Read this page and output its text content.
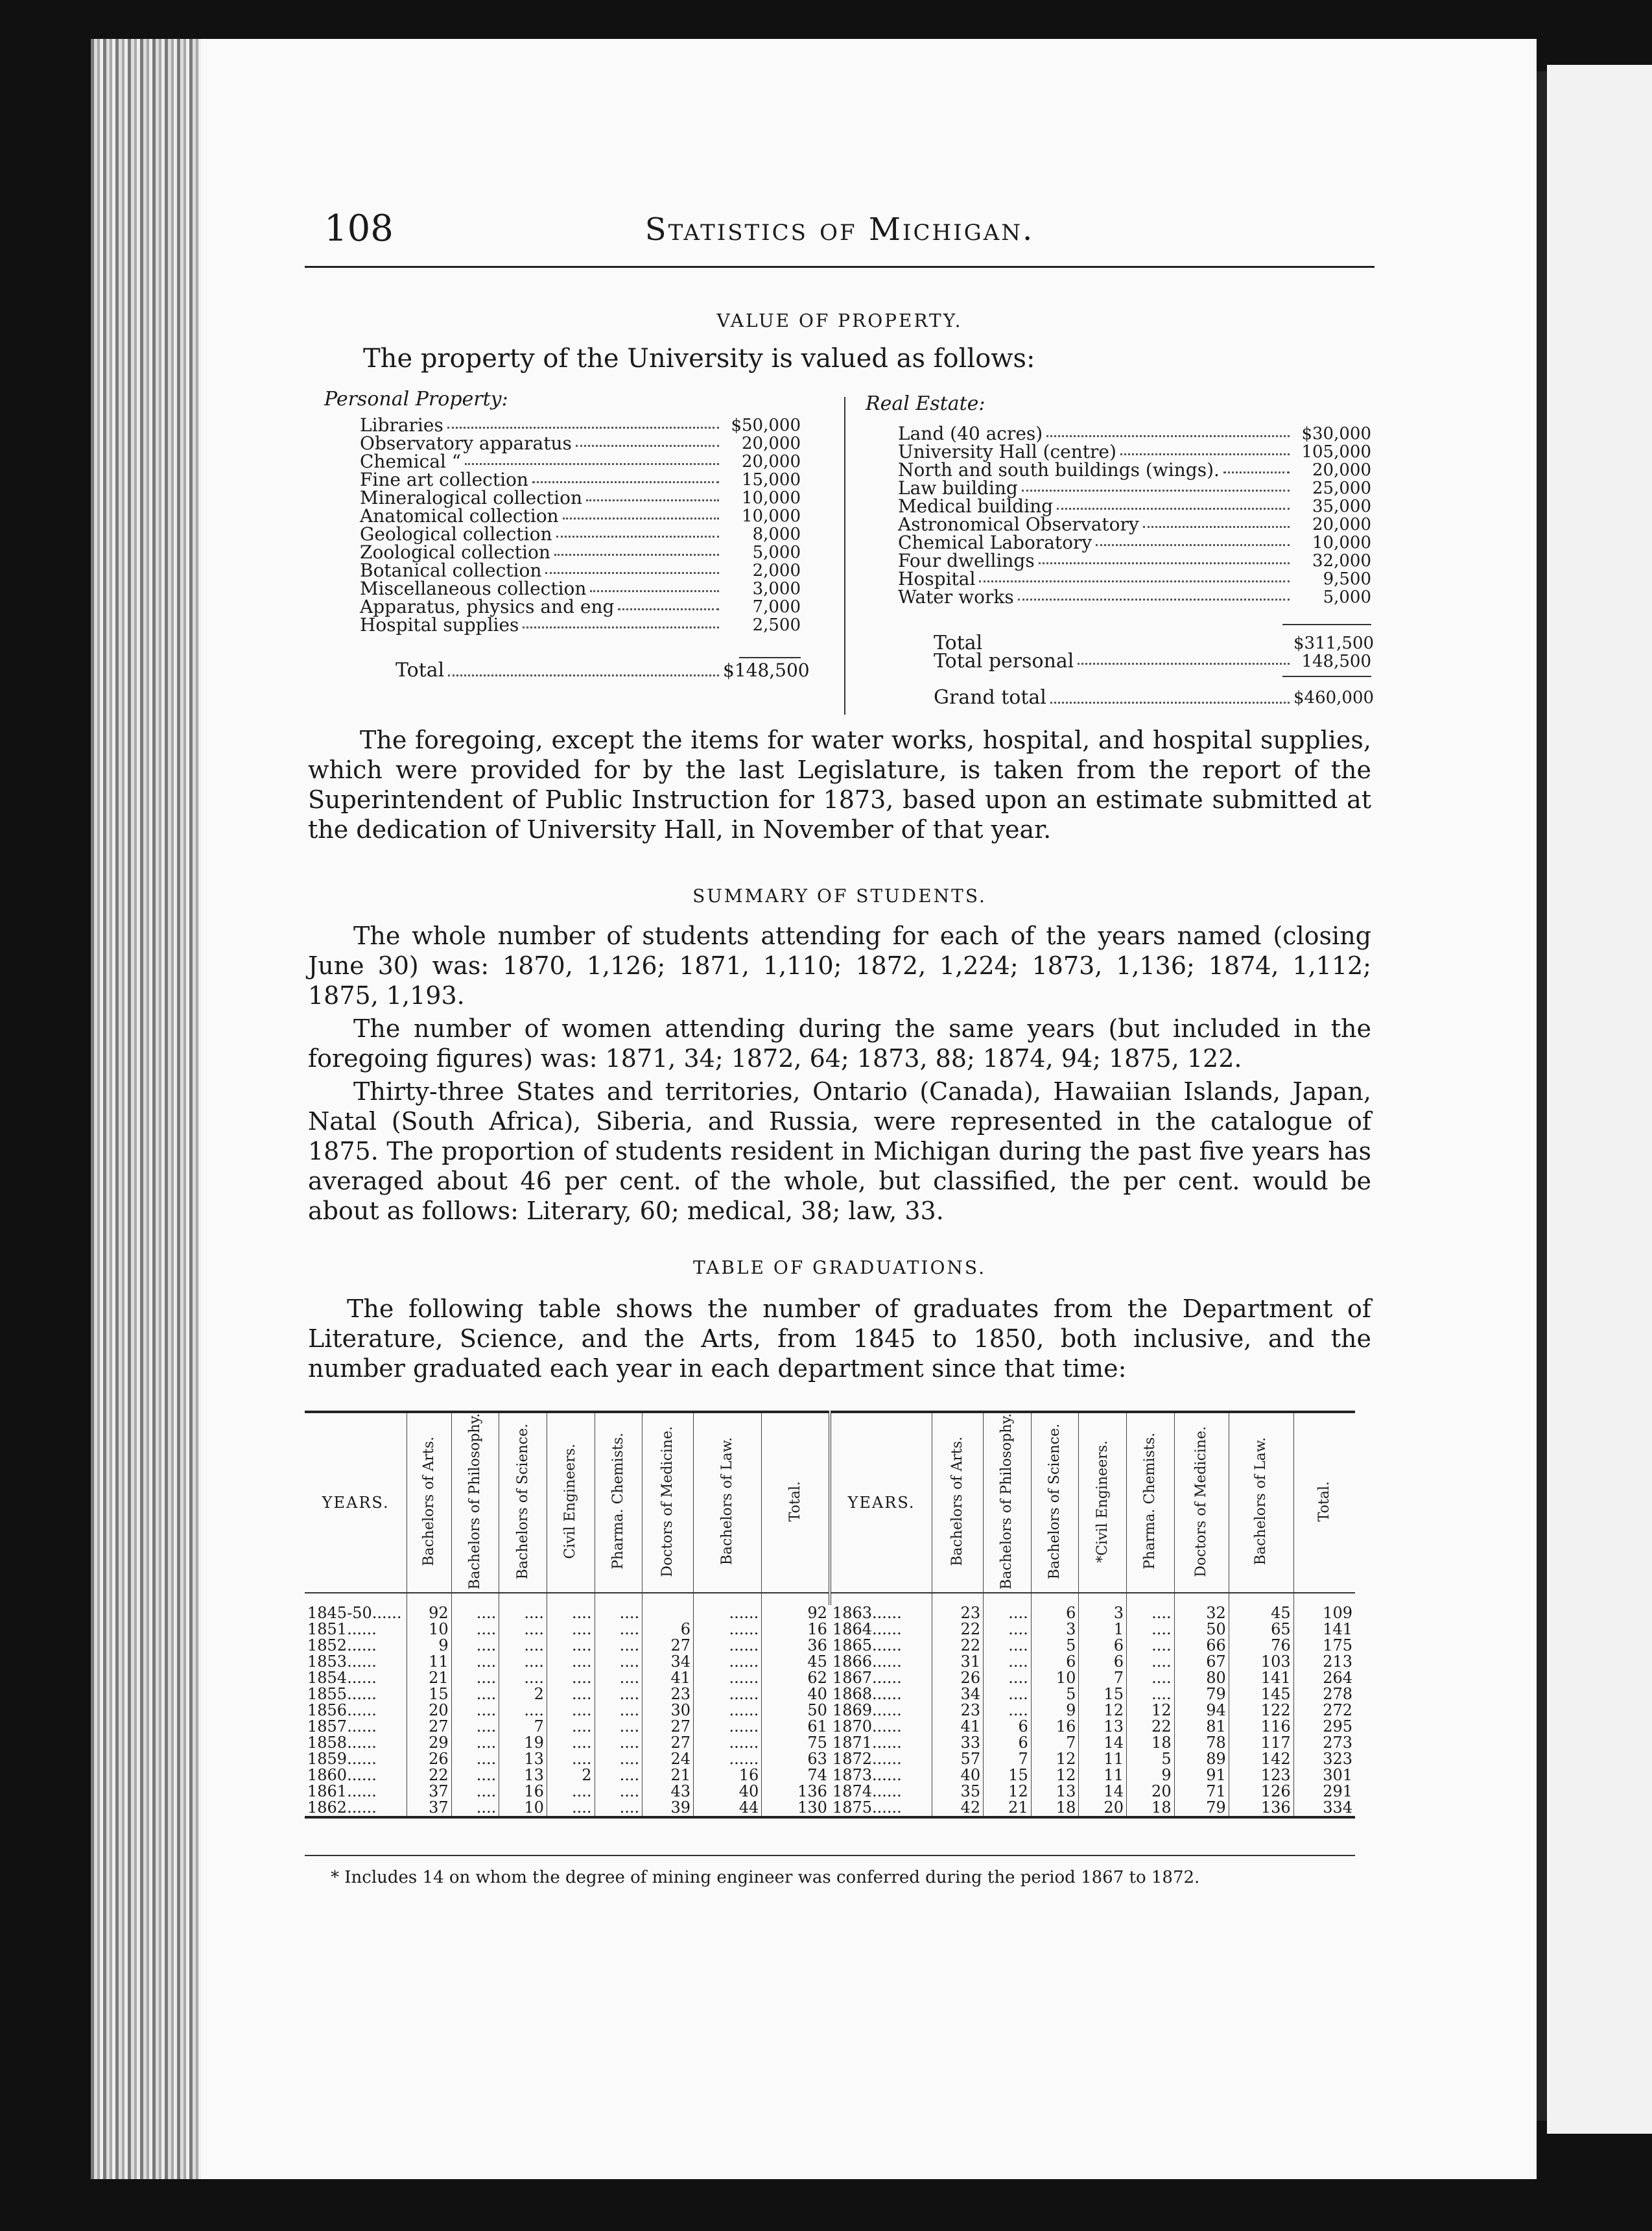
108	Statistics of Michigan.
VALUE OF PROPERTY.
The property of the University is valued as follows:
Personal Property:
Libraries	$50,000
Observatory apparatus	20,000
Chemical “	20,000
Fine art collection	15,000
Mineralogical collection	10,000
Anatomical collection	10,000
Geological collection	8,000
Zoological collection	5,000
Botanical collection	2,000
Miscellaneous collection	3,000
Apparatus, physics and eng	7,000
Hospital supplies	2,500
Total	$148,500
Real Estate:
Land (40 acres)	$30,000
University Hall (centre)	105,000
North and south buildings (wings).	20,000
Law building	25,000
Medical building	35,000
Astronomical Observatory	20,000
Chemical Laboratory	10,000
Four dwellings	32,000
Hospital	9,500
Water works	5,000
Total	$311,500
Total personal	148,500
Grand total	$460,000

The foregoing, except the items for water works, hospital, and hospital supplies, which were provided for by the last Legislature, is taken from the report of the Superintendent of Public Instruction for 1873, based upon an estimate submitted at the dedication of University Hall, in November of that year.

SUMMARY OF STUDENTS.

The whole number of students attending for each of the years named (closing June 30) was: 1870, 1,126; 1871, 1,110; 1872, 1,224; 1873, 1,136; 1874, 1,112; 1875, 1,193.

The number of women attending during the same years (but included in the foregoing figures) was: 1871, 34; 1872, 64; 1873, 88; 1874, 94; 1875, 122.

Thirty-three States and territories, Ontario (Canada), Hawaiian Islands, Japan, Natal (South Africa), Siberia, and Russia, were represented in the catalogue of 1875. The proportion of students resident in Michigan during the past five years has averaged about 46 per cent. of the whole, but classified, the per cent. would be about as follows: Literary, 60; medical, 38; law, 33.

TABLE OF GRADUATIONS.

The following table shows the number of graduates from the Department of Literature, Science, and the Arts, from 1845 to 1850, both inclusive, and the number graduated each year in each department since that time:

YEARS.	Bachelors of Arts.	Bachelors of Philosophy.	Bachelors of Science.	Civil Engineers.	Pharma. Chemists.	Doctors of Medicine.	Bachelors of Law.	Total.	YEARS.	Bachelors of Arts.	Bachelors of Philosophy.	Bachelors of Science.	*Civil Engineers.	Pharma. Chemists.	Doctors of Medicine.	Bachelors of Law.	Total.

1845-50......	92	....	....	....	....		......	92	1863......	23	....	6	3	....	32	45	109
1851......	10	....	....	....	....	6	......	16	1864......	22	....	3	1	....	50	65	141
1852......	9	....	....	....	....	27	......	36	1865......	22	....	5	6	....	66	76	175
1853......	11	....	....	....	....	34	......	45	1866......	31	....	6	6	....	67	103	213
1854......	21	....	....	....	....	41	......	62	1867......	26	....	10	7	....	80	141	264
1855......	15	....	2	....	....	23	......	40	1868......	34	....	5	15	....	79	145	278
1856......	20	....	....	....	....	30	......	50	1869......	23	....	9	12	12	94	122	272
1857......	27	....	7	....	....	27	......	61	1870......	41	6	16	13	22	81	116	295
1858......	29	....	19	....	....	27	......	75	1871......	33	6	7	14	18	78	117	273
1859......	26	....	13	....	....	24	......	63	1872......	57	7	12	11	5	89	142	323
1860......	22	....	13	2	....	21	16	74	1873......	40	15	12	11	9	91	123	301
1861......	37	....	16	....	....	43	40	136	1874......	35	12	13	14	20	71	126	291
1862......	37	....	10	....	....	39	44	130	1875......	42	21	18	20	18	79	136	334
* Includes 14 on whom the degree of mining engineer was conferred during the period 1867 to 1872.
